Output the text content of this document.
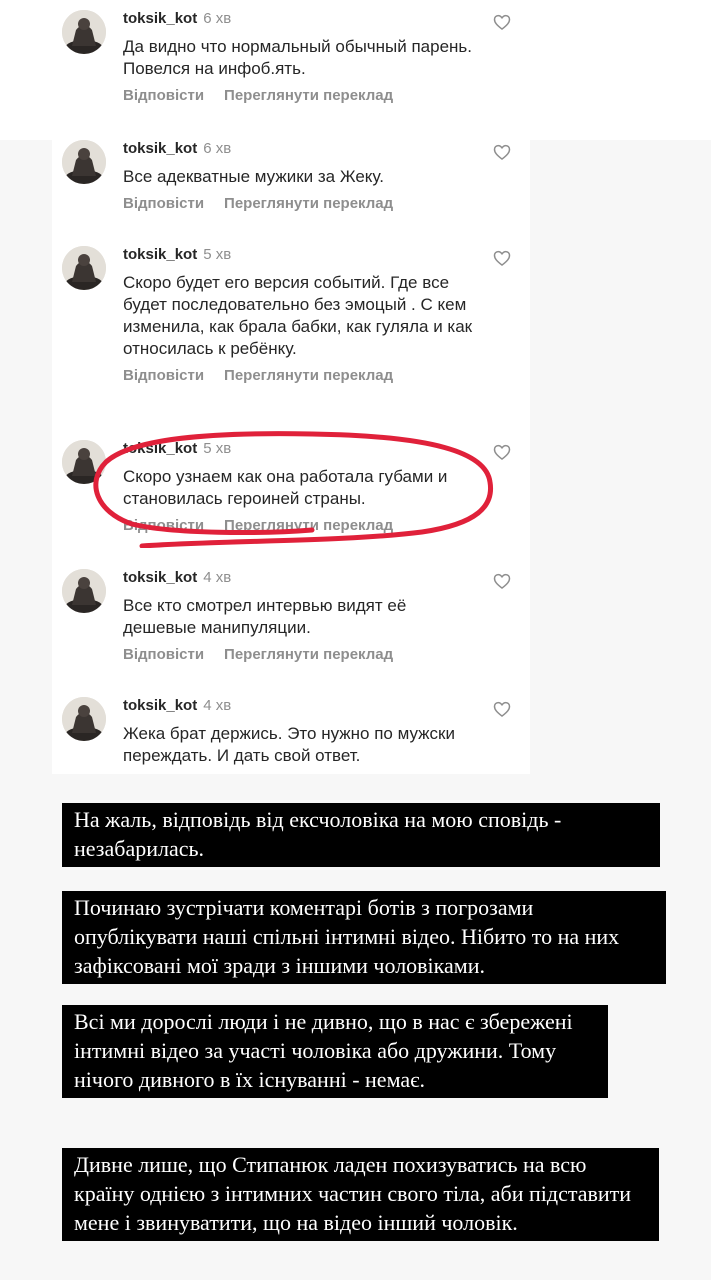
toksik_kot 6 хв
Да видно что нормальный обычный парень. Повелся на инфоб.ять.
Відповісти Переглянути переклад
toksik_kot 6 хв
Все адекватные мужики за Жеку.
Відповісти Переглянути переклад
toksik_kot 5 хв
Скоро будет его версия событий. Где все будет последовательно без эмоцый . С кем изменила, как брала бабки, как гуляла и как относилась к ребёнку.
Відповісти Переглянути переклад
toksik_kot 5 хв
Скоро узнаем как она работала губами и становилась героиней страны.
Відповісти Переглянути переклад
toksik_kot 4 хв
Все кто смотрел интервью видят её дешевые манипуляции.
Відповісти Переглянути переклад
toksik_kot 4 хв
Жека брат держись. Это нужно по мужски переждать. И дать свой ответ.
На жаль, відповідь від ексчоловіка на мою сповідь - незабарилась.
Починаю зустрічати коментарі ботів з погрозами опублікувати наші спільні інтимні відео. Нібито то на них зафіксовані мої зради з іншими чоловіками.
Всі ми дорослі люди і не дивно, що в нас є збережені інтимні відео за участі чоловіка або дружини. Тому нічого дивного в їх існуванні - немає.
Дивне лише, що Стипанюк ладен похизуватись на всю країну однією з інтимних частин свого тіла, аби підставити мене і звинуватити, що на відео інший чоловік.
